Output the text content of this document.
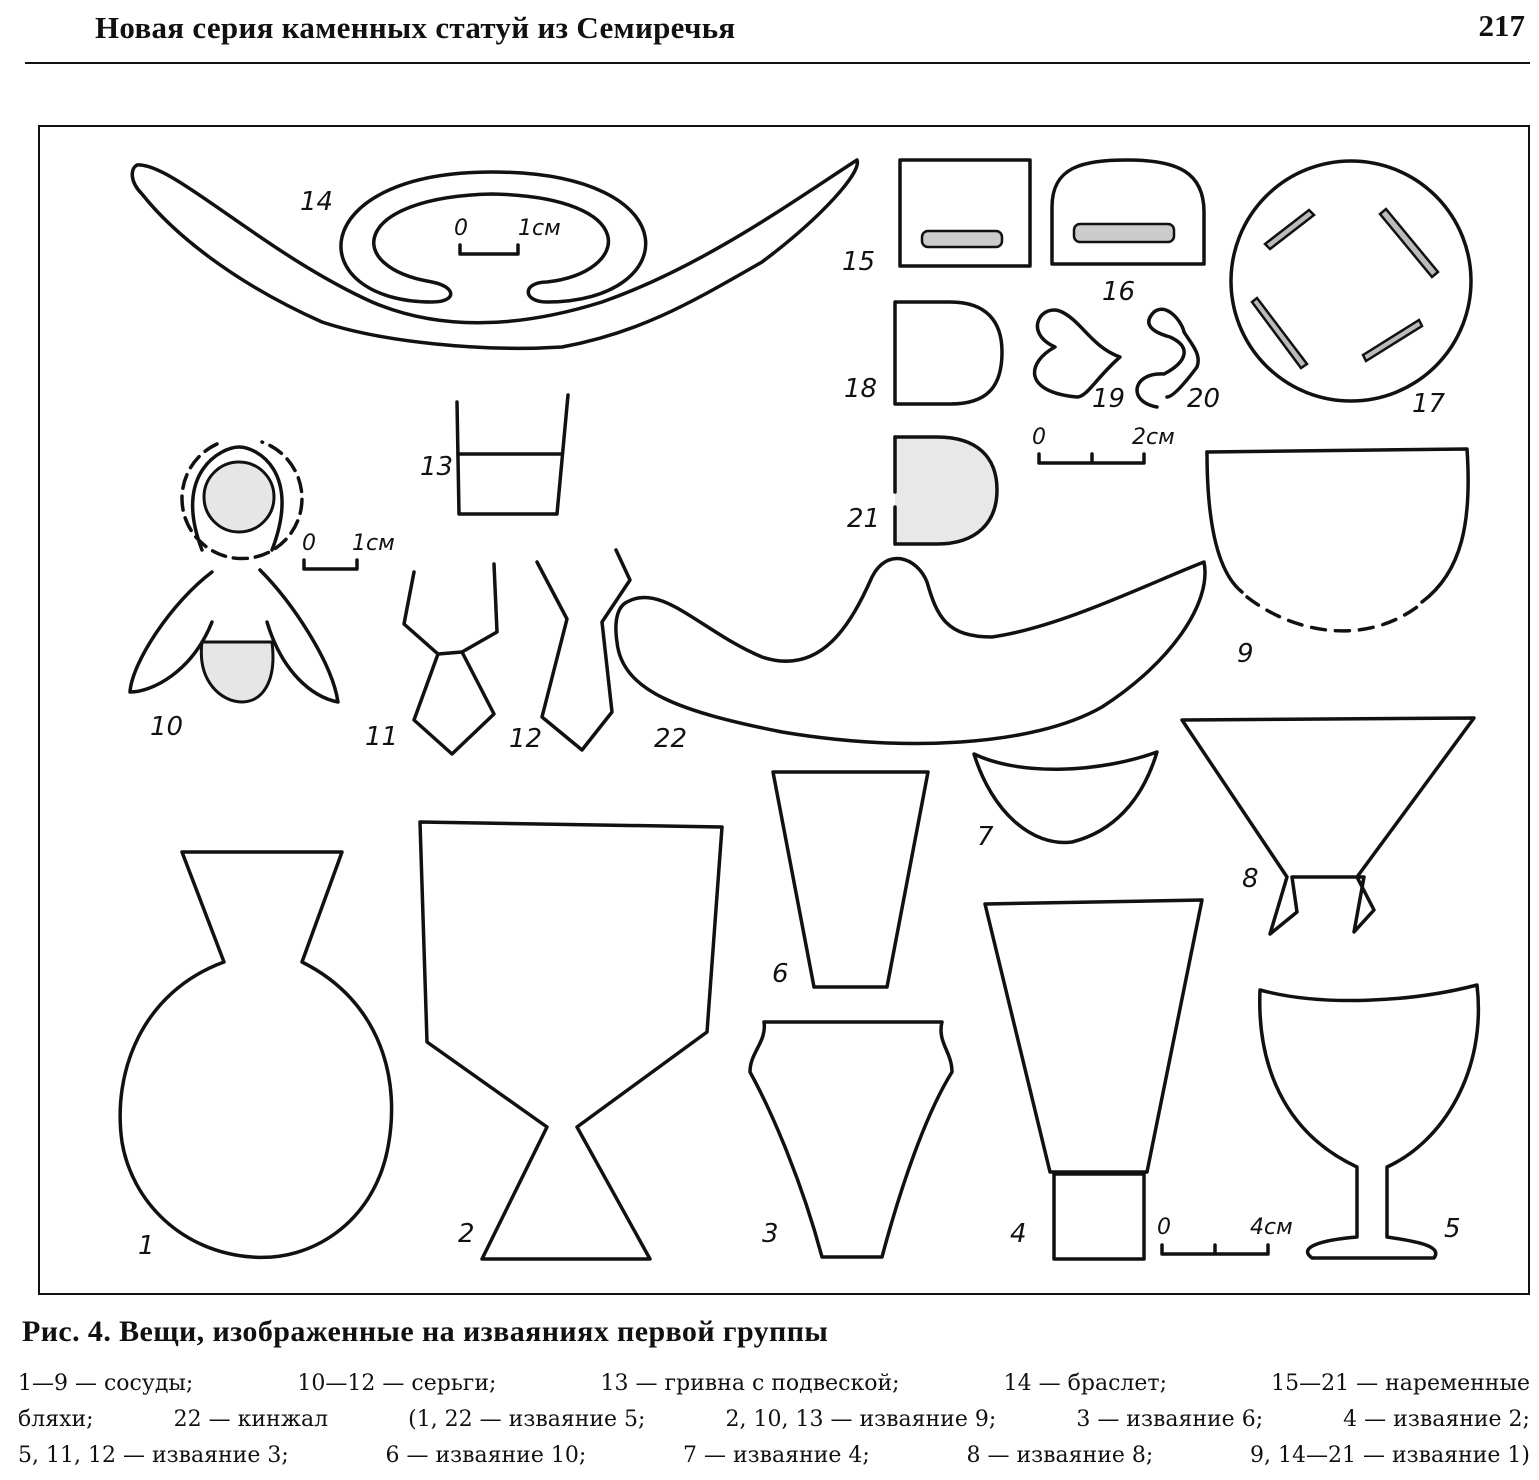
Новая серия каменных статуй из Семиречья	217
0 1см
0 1см
0	2см
0	4см
1	2	3	4	5
6
7
8
9
10	11	12
13
14
15
16
17
18	19 20
21
22
Рис. 4. Вещи, изображенные на изваяниях первой группы
1—9 — сосуды;	10—12 — серьги;	13 — гривна с подвеской;	14 — браслет;	15—21 — нарeменные
бляхи;	22 — кинжал	(1, 22 — изваяние 5;	2, 10, 13 — изваяние 9;	3 — изваяние 6;	4 — изваяние 2;
5, 11, 12 — изваяние 3;	6 — изваяние 10;	7 — изваяние 4;	8 — изваяние 8;	9, 14—21 — изваяние 1)
